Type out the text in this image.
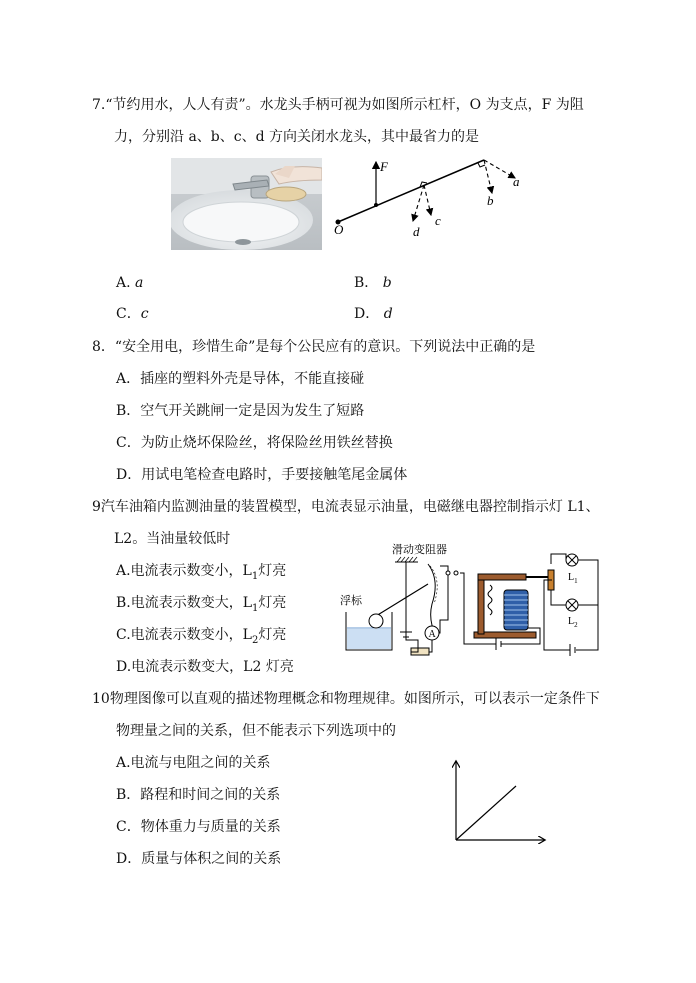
7.“节约用水，人人有责”。水龙头手柄可视为如图所示杠杆，O 为支点，F 为阻
力，分别沿 a、b、c、d 方向关闭水龙头，其中最省力的是
F
O
a
b
c
d
A. a	B． b
C．c	D． d
8．“安全用电，珍惜生命”是每个公民应有的意识。下列说法中正确的是
A．插座的塑料外壳是导体，不能直接碰
B．空气开关跳闸一定是因为发生了短路
C．为防止烧坏保险丝，将保险丝用铁丝替换
D．用试电笔检查电路时，手要接触笔尾金属体
9汽车油箱内监测油量的装置模型，电流表显示油量，电磁继电器控制指示灯 L1、
L2。当油量较低时
A.电流表示数变小，$L_1$灯亮
B.电流表示数变大，$L_1$灯亮
C.电流表示数变小，$L_2$灯亮
D.电流表示数变大，L2 灯亮
滑动变阻器
浮标
A
$L_1$
$L_2$
10物理图像可以直观的描述物理概念和物理规律。如图所示，可以表示一定条件下
物理量之间的关系，但不能表示下列选项中的
A.电流与电阻之间的关系
B．路程和时间之间的关系
C．物体重力与质量的关系
D．质量与体积之间的关系
